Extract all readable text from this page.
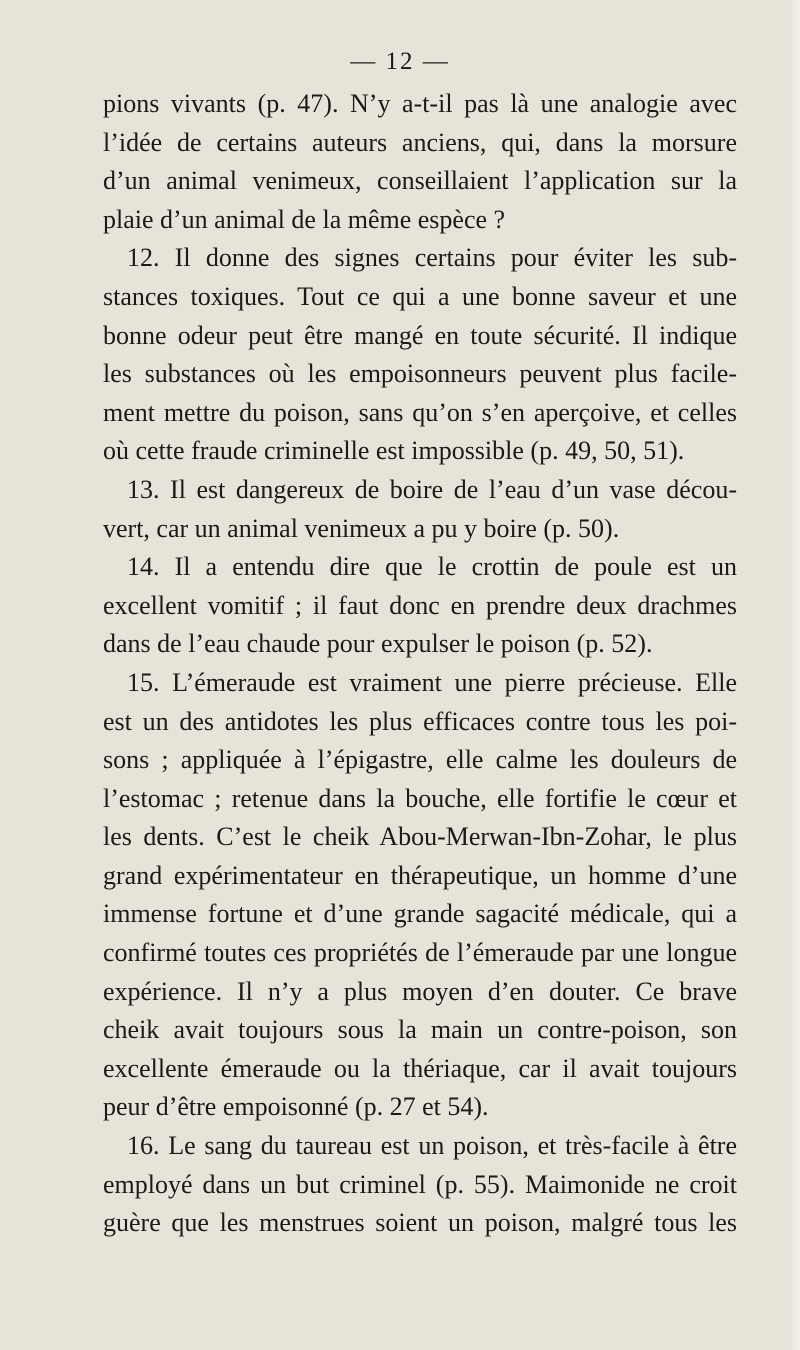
— 12 —
pions vivants (p. 47). N’y a-t-il pas là une analogie avec
l’idée de certains auteurs anciens, qui, dans la morsure
d’un animal venimeux, conseillaient l’application sur la
plaie d’un animal de la même espèce ?
12. Il donne des signes certains pour éviter les sub-
stances toxiques. Tout ce qui a une bonne saveur et une
bonne odeur peut être mangé en toute sécurité. Il indique
les substances où les empoisonneurs peuvent plus facile-
ment mettre du poison, sans qu’on s’en aperçoive, et celles
où cette fraude criminelle est impossible (p. 49, 50, 51).
13. Il est dangereux de boire de l’eau d’un vase décou-
vert, car un animal venimeux a pu y boire (p. 50).
14. Il a entendu dire que le crottin de poule est un
excellent vomitif ; il faut donc en prendre deux drachmes
dans de l’eau chaude pour expulser le poison (p. 52).
15. L’émeraude est vraiment une pierre précieuse. Elle
est un des antidotes les plus efficaces contre tous les poi-
sons ; appliquée à l’épigastre, elle calme les douleurs de
l’estomac ; retenue dans la bouche, elle fortifie le cœur et
les dents. C’est le cheik Abou-Merwan-Ibn-Zohar, le plus
grand expérimentateur en thérapeutique, un homme d’une
immense fortune et d’une grande sagacité médicale, qui a
confirmé toutes ces propriétés de l’émeraude par une longue
expérience. Il n’y a plus moyen d’en douter. Ce brave
cheik avait toujours sous la main un contre-poison, son
excellente émeraude ou la thériaque, car il avait toujours
peur d’être empoisonné (p. 27 et 54).
16. Le sang du taureau est un poison, et très-facile à être
employé dans un but criminel (p. 55). Maimonide ne croit
guère que les menstrues soient un poison, malgré tous les
